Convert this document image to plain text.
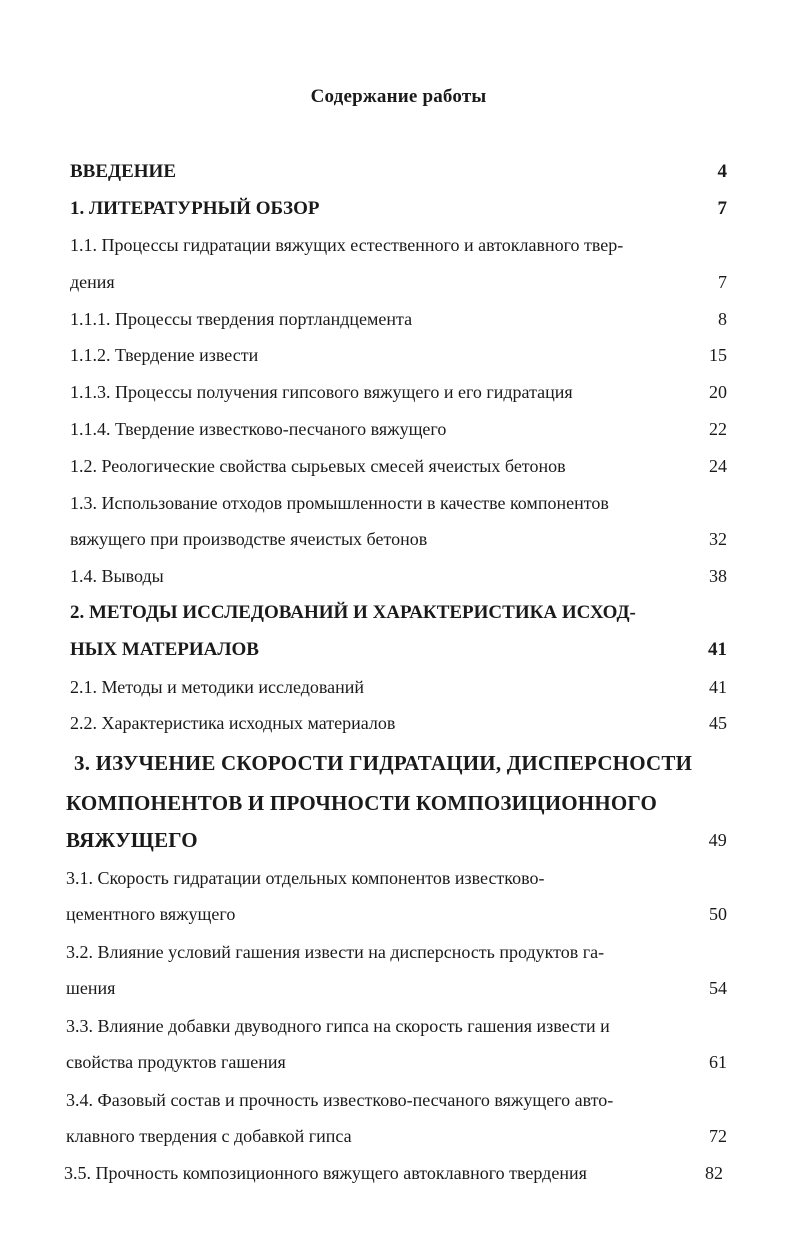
Содержание работы
ВВЕДЕНИЕ	4
1. ЛИТЕРАТУРНЫЙ ОБЗОР	7
1.1. Процессы гидратации вяжущих естественного и автоклавного твер-
дения	7
1.1.1. Процессы твердения портландцемента	8
1.1.2. Твердение извести	15
1.1.3. Процессы получения гипсового вяжущего и его гидратация	20
1.1.4. Твердение известково-песчаного вяжущего	22
1.2. Реологические свойства сырьевых смесей ячеистых бетонов	24
1.3. Использование отходов промышленности в качестве компонентов
вяжущего при производстве ячеистых бетонов	32
1.4. Выводы	38
2. МЕТОДЫ ИССЛЕДОВАНИЙ И ХАРАКТЕРИСТИКА ИСХОД-
НЫХ МАТЕРИАЛОВ	41
2.1. Методы и методики исследований	41
2.2. Характеристика исходных материалов	45
3. ИЗУЧЕНИЕ СКОРОСТИ ГИДРАТАЦИИ, ДИСПЕРСНОСТИ
КОМПОНЕНТОВ И ПРОЧНОСТИ КОМПОЗИЦИОННОГО
ВЯЖУЩЕГО	49
3.1. Скорость гидратации отдельных компонентов известково-
цементного вяжущего	50
3.2. Влияние условий гашения извести на дисперсность продуктов га-
шения	54
3.3. Влияние добавки двуводного гипса на скорость гашения извести и
свойства продуктов гашения	61
3.4. Фазовый состав и прочность известково-песчаного вяжущего авто-
клавного твердения с добавкой гипса	72
3.5. Прочность композиционного вяжущего автоклавного твердения	82
